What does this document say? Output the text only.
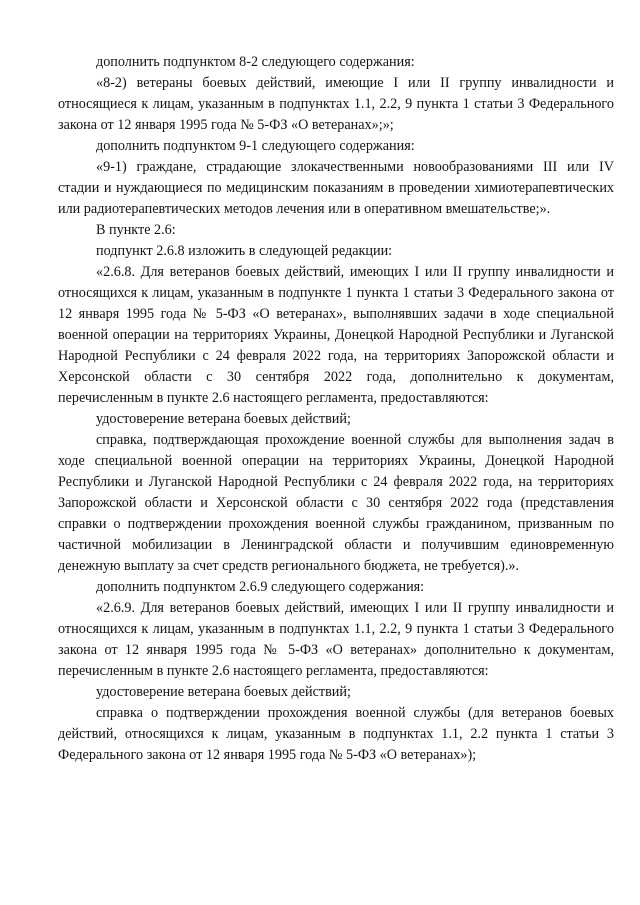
дополнить подпунктом 8-2 следующего содержания:

«8-2) ветераны боевых действий, имеющие I или II группу инвалидности и относящиеся к лицам, указанным в подпунктах 1.1, 2.2, 9 пункта 1 статьи 3 Федерального закона от 12 января 1995 года № 5-ФЗ «О ветеранах»;»;

дополнить подпунктом 9-1 следующего содержания:

«9-1) граждане, страдающие злокачественными новообразованиями III или IV стадии и нуждающиеся по медицинским показаниям в проведении химиотерапевтических или радиотерапевтических методов лечения или в оперативном вмешательстве;».

В пункте 2.6:

подпункт 2.6.8 изложить в следующей редакции:

«2.6.8. Для ветеранов боевых действий, имеющих I или II группу инвалидности и относящихся к лицам, указанным в подпункте 1 пункта 1 статьи 3 Федерального закона от 12 января 1995 года № 5-ФЗ «О ветеранах», выполнявших задачи в ходе специальной военной операции на территориях Украины, Донецкой Народной Республики и Луганской Народной Республики с 24 февраля 2022 года, на территориях Запорожской области и Херсонской области с 30 сентября 2022 года, дополнительно к документам, перечисленным в пункте 2.6 настоящего регламента, предоставляются:

удостоверение ветерана боевых действий;

справка, подтверждающая прохождение военной службы для выполнения задач в ходе специальной военной операции на территориях Украины, Донецкой Народной Республики и Луганской Народной Республики с 24 февраля 2022 года, на территориях Запорожской области и Херсонской области с 30 сентября 2022 года (представления справки о подтверждении прохождения военной службы гражданином, призванным по частичной мобилизации в Ленинградской области и получившим единовременную денежную выплату за счет средств регионального бюджета, не требуется).».

дополнить подпунктом 2.6.9 следующего содержания:

«2.6.9. Для ветеранов боевых действий, имеющих I или II группу инвалидности и относящихся к лицам, указанным в подпунктах 1.1, 2.2, 9 пункта 1 статьи 3 Федерального закона от 12 января 1995 года № 5-ФЗ «О ветеранах» дополнительно к документам, перечисленным в пункте 2.6 настоящего регламента, предоставляются:

удостоверение ветерана боевых действий;

справка о подтверждении прохождения военной службы (для ветеранов боевых действий, относящихся к лицам, указанным в подпунктах 1.1, 2.2 пункта 1 статьи 3 Федерального закона от 12 января 1995 года № 5-ФЗ «О ветеранах»);
